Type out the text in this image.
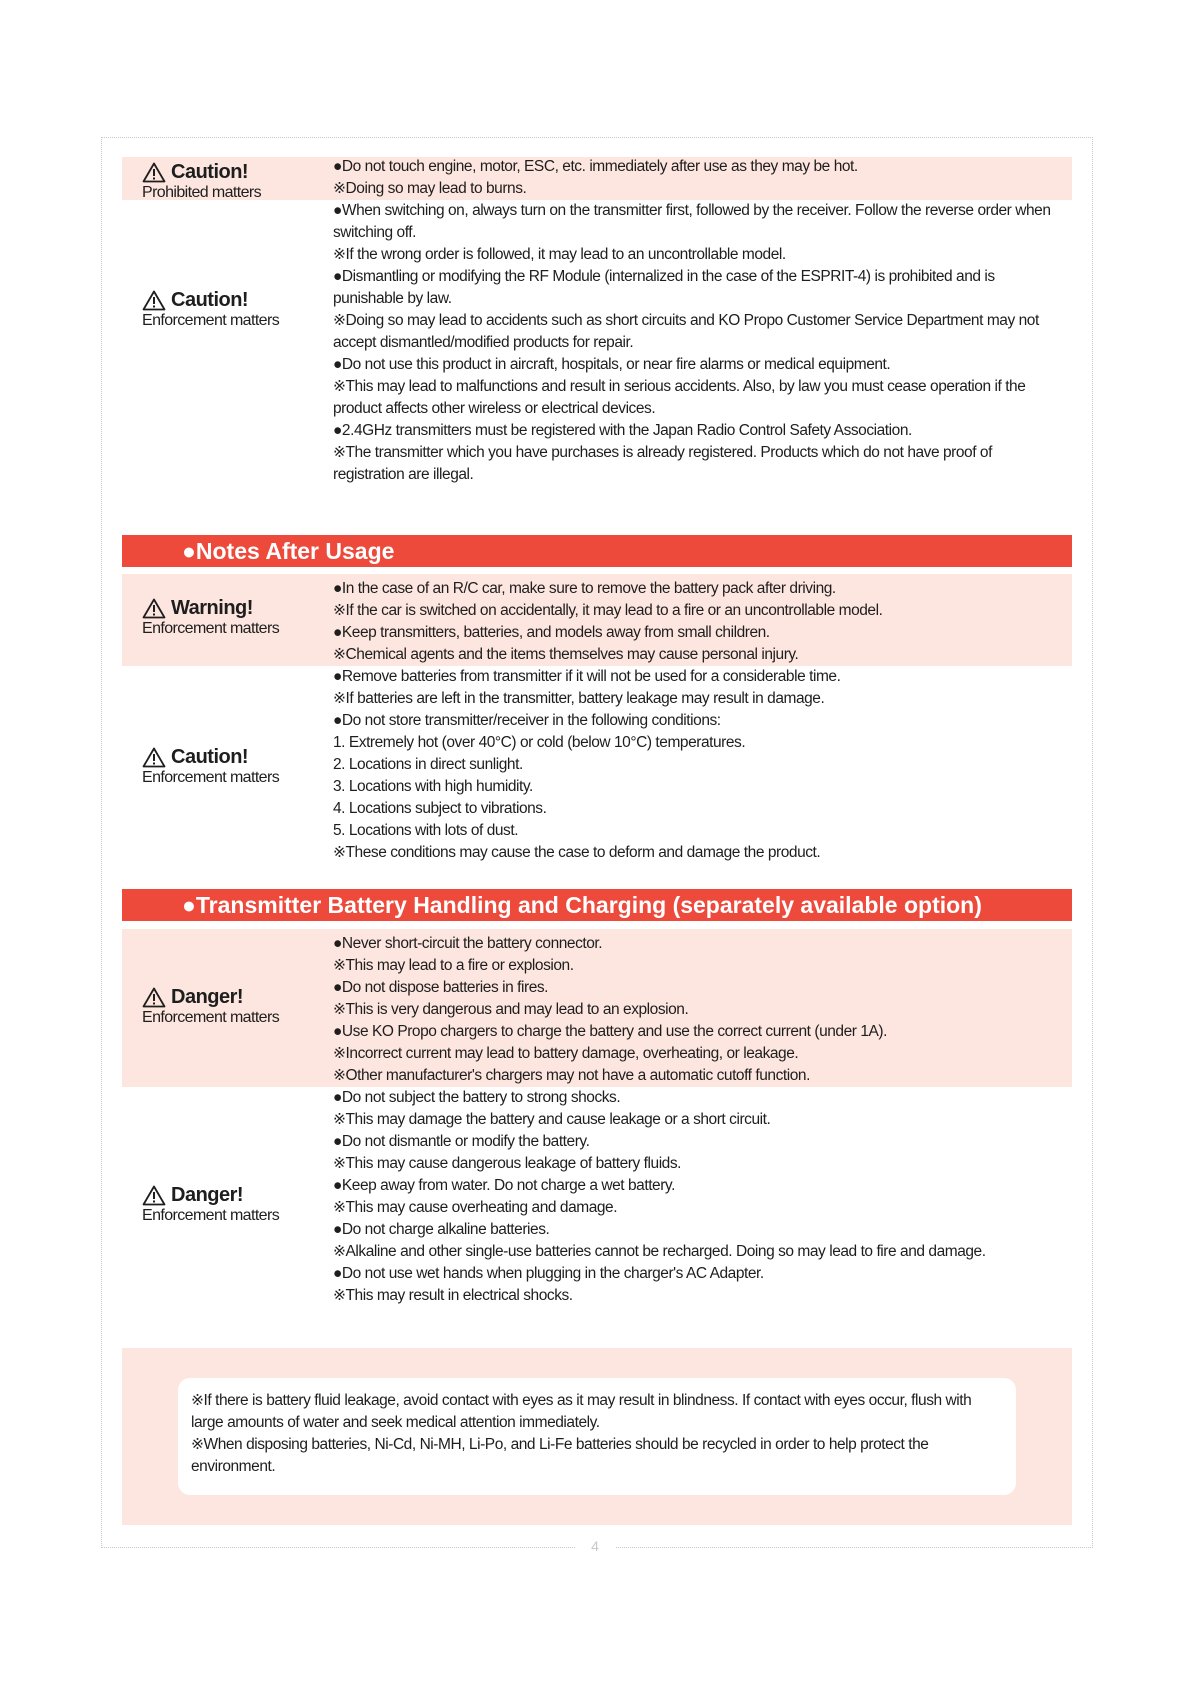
Caution!
Prohibited matters

●Do not touch engine, motor, ESC, etc. immediately after use as they may be hot.

※Doing so may lead to burns.

Caution!
Enforcement matters

●When switching on, always turn on the transmitter first, followed by the receiver. Follow the reverse order when switching off.

※If the wrong order is followed, it may lead to an uncontrollable model.

●Dismantling or modifying the RF Module (internalized in the case of the ESPRIT-4) is prohibited and is punishable by law.

※Doing so may lead to accidents such as short circuits and KO Propo Customer Service Department may not accept dismantled/modified products for repair.

●Do not use this product in aircraft, hospitals, or near fire alarms or medical equipment.

※This may lead to malfunctions and result in serious accidents. Also, by law you must cease operation if the product affects other wireless or electrical devices.

●2.4GHz transmitters must be registered with the Japan Radio Control Safety Association.

※The transmitter which you have purchases is already registered. Products which do not have proof of registration are illegal.

●Notes After Usage
Warning!
Enforcement matters

●In the case of an R/C car, make sure to remove the battery pack after driving.

※If the car is switched on accidentally, it may lead to a fire or an uncontrollable model.

●Keep transmitters, batteries, and models away from small children.

※Chemical agents and the items themselves may cause personal injury.

Caution!
Enforcement matters

●Remove batteries from transmitter if it will not be used for a considerable time.

※If batteries are left in the transmitter, battery leakage may result in damage.

●Do not store transmitter/receiver in the following conditions:

1. Extremely hot (over 40°C) or cold (below 10°C) temperatures.

2. Locations in direct sunlight.

3. Locations with high humidity.

4. Locations subject to vibrations.

5. Locations with lots of dust.

※These conditions may cause the case to deform and damage the product.

●Transmitter Battery Handling and Charging (separately available option)
Danger!
Enforcement matters

●Never short-circuit the battery connector.

※This may lead to a fire or explosion.

●Do not dispose batteries in fires.

※This is very dangerous and may lead to an explosion.

●Use KO Propo chargers to charge the battery and use the correct current (under 1A).

※Incorrect current may lead to battery damage, overheating, or leakage.

※Other manufacturer's chargers may not have a automatic cutoff function.

Danger!
Enforcement matters

●Do not subject the battery to strong shocks.

※This may damage the battery and cause leakage or a short circuit.

●Do not dismantle or modify the battery.

※This may cause dangerous leakage of battery fluids.

●Keep away from water. Do not charge a wet battery.

※This may cause overheating and damage.

●Do not charge alkaline batteries.

※Alkaline and other single-use batteries cannot be recharged. Doing so may lead to fire and damage.

●Do not use wet hands when plugging in the charger's AC Adapter.

※This may result in electrical shocks.

※If there is battery fluid leakage, avoid contact with eyes as it may result in blindness. If contact with eyes occur, flush with large amounts of water and seek medical attention immediately.

※When disposing batteries, Ni-Cd, Ni-MH, Li-Po, and Li-Fe batteries should be recycled in order to help protect the environment.

4
